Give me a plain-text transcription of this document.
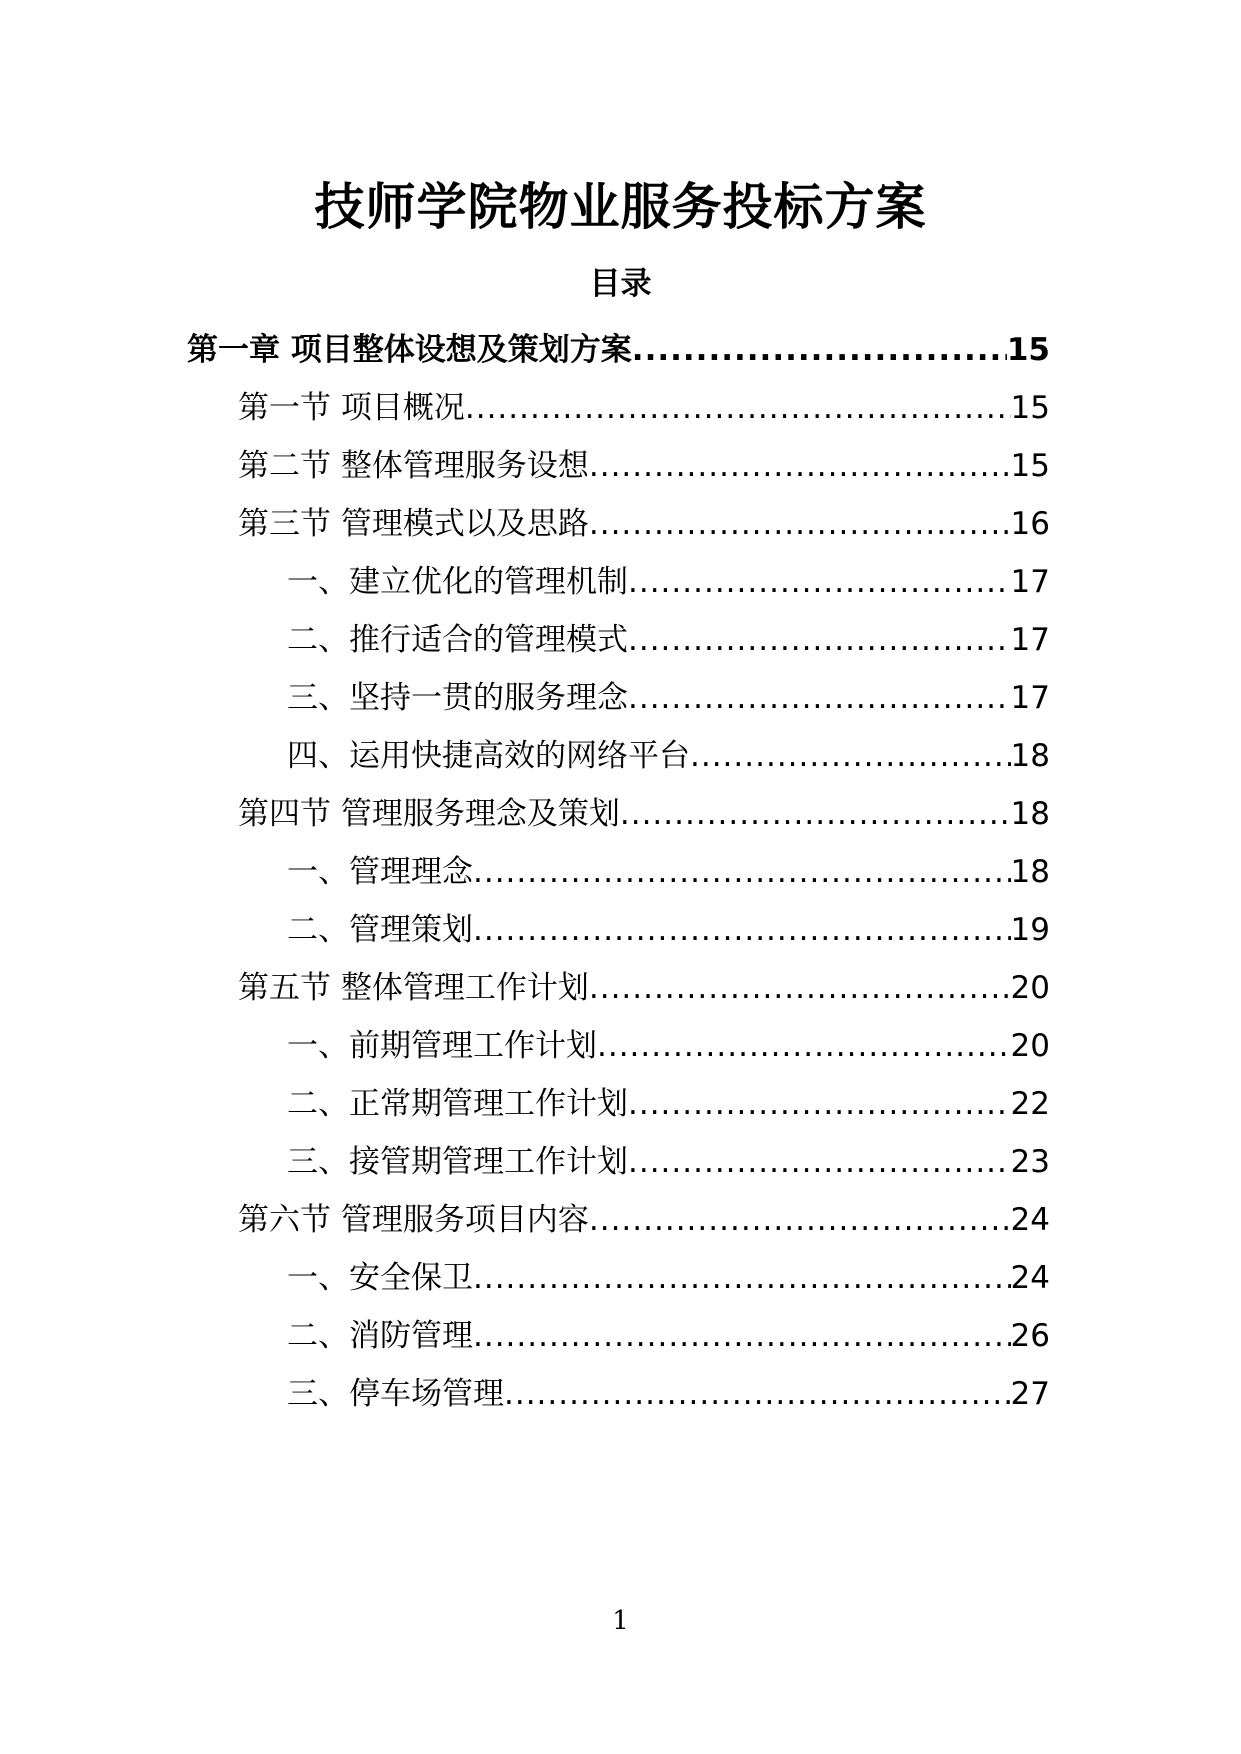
技师学院物业服务投标方案
目录
第一章 项目整体设想及策划方案 .....	15
第一节 项目概况 .....	15
第二节 整体管理服务设想 .....	15
第三节 管理模式以及思路 .....	16
一、建立优化的管理机制 .....	17
二、推行适合的管理模式 .....	17
三、坚持一贯的服务理念 .....	17
四、运用快捷高效的网络平台 .....	18
第四节 管理服务理念及策划 .....	18
一、管理理念 .....	18
二、管理策划 .....	19
第五节 整体管理工作计划 .....	20
一、前期管理工作计划 .....	20
二、正常期管理工作计划 .....	22
三、接管期管理工作计划 .....	23
第六节 管理服务项目内容 .....	24
一、安全保卫 .....	24
二、消防管理 .....	26
三、停车场管理 .....	27
1
